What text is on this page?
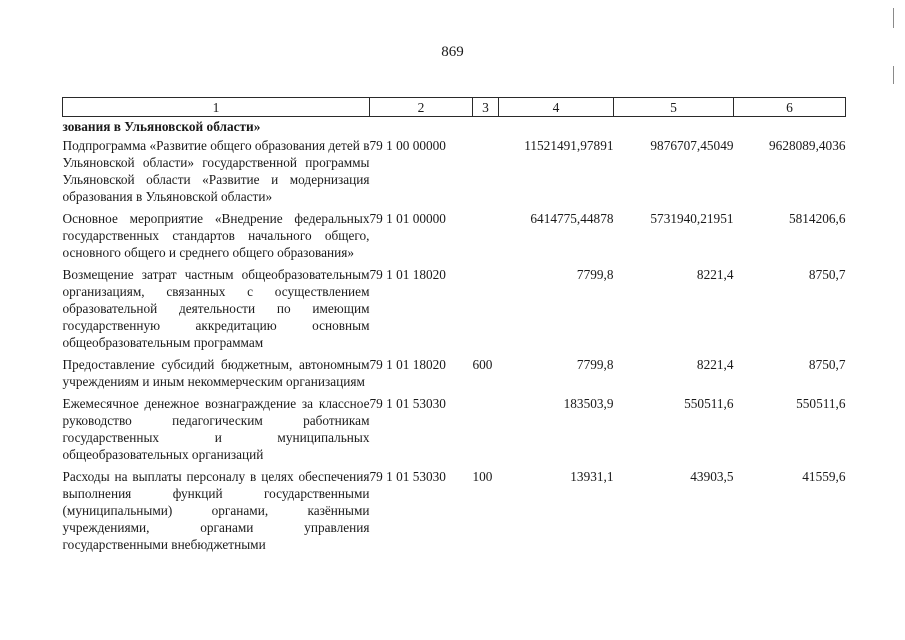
869
1	2	3	4	5	6
зования в Ульяновской области»					
Подпрограмма «Развитие общего образования детей в Ульяновской области» государственной программы Ульяновской области «Развитие и модернизация образования в Ульяновской области»	79 1 00 00000		11521491,97891	9876707,45049	9628089,4036
Основное мероприятие «Внедрение федеральных государственных стандартов начального общего, основного общего и среднего общего образования»	79 1 01 00000		6414775,44878	5731940,21951	5814206,6
Возмещение затрат частным общеобразовательным организациям, связанных с осуществлением образовательной деятельности по имеющим государственную аккредитацию основным общеобразовательным программам	79 1 01 18020		7799,8	8221,4	8750,7
Предоставление субсидий бюджетным, автономным учреждениям и иным некоммерческим организациям	79 1 01 18020	600	7799,8	8221,4	8750,7
Ежемесячное денежное вознаграждение за классное руководство педагогическим работникам государственных и муниципальных общеобразовательных организаций	79 1 01 53030		183503,9	550511,6	550511,6
Расходы на выплаты персоналу в целях обеспечения выполнения функций государственными (муниципальными) органами, казёнными учреждениями, органами управления государственными внебюджетными	79 1 01 53030	100	13931,1	43903,5	41559,6
